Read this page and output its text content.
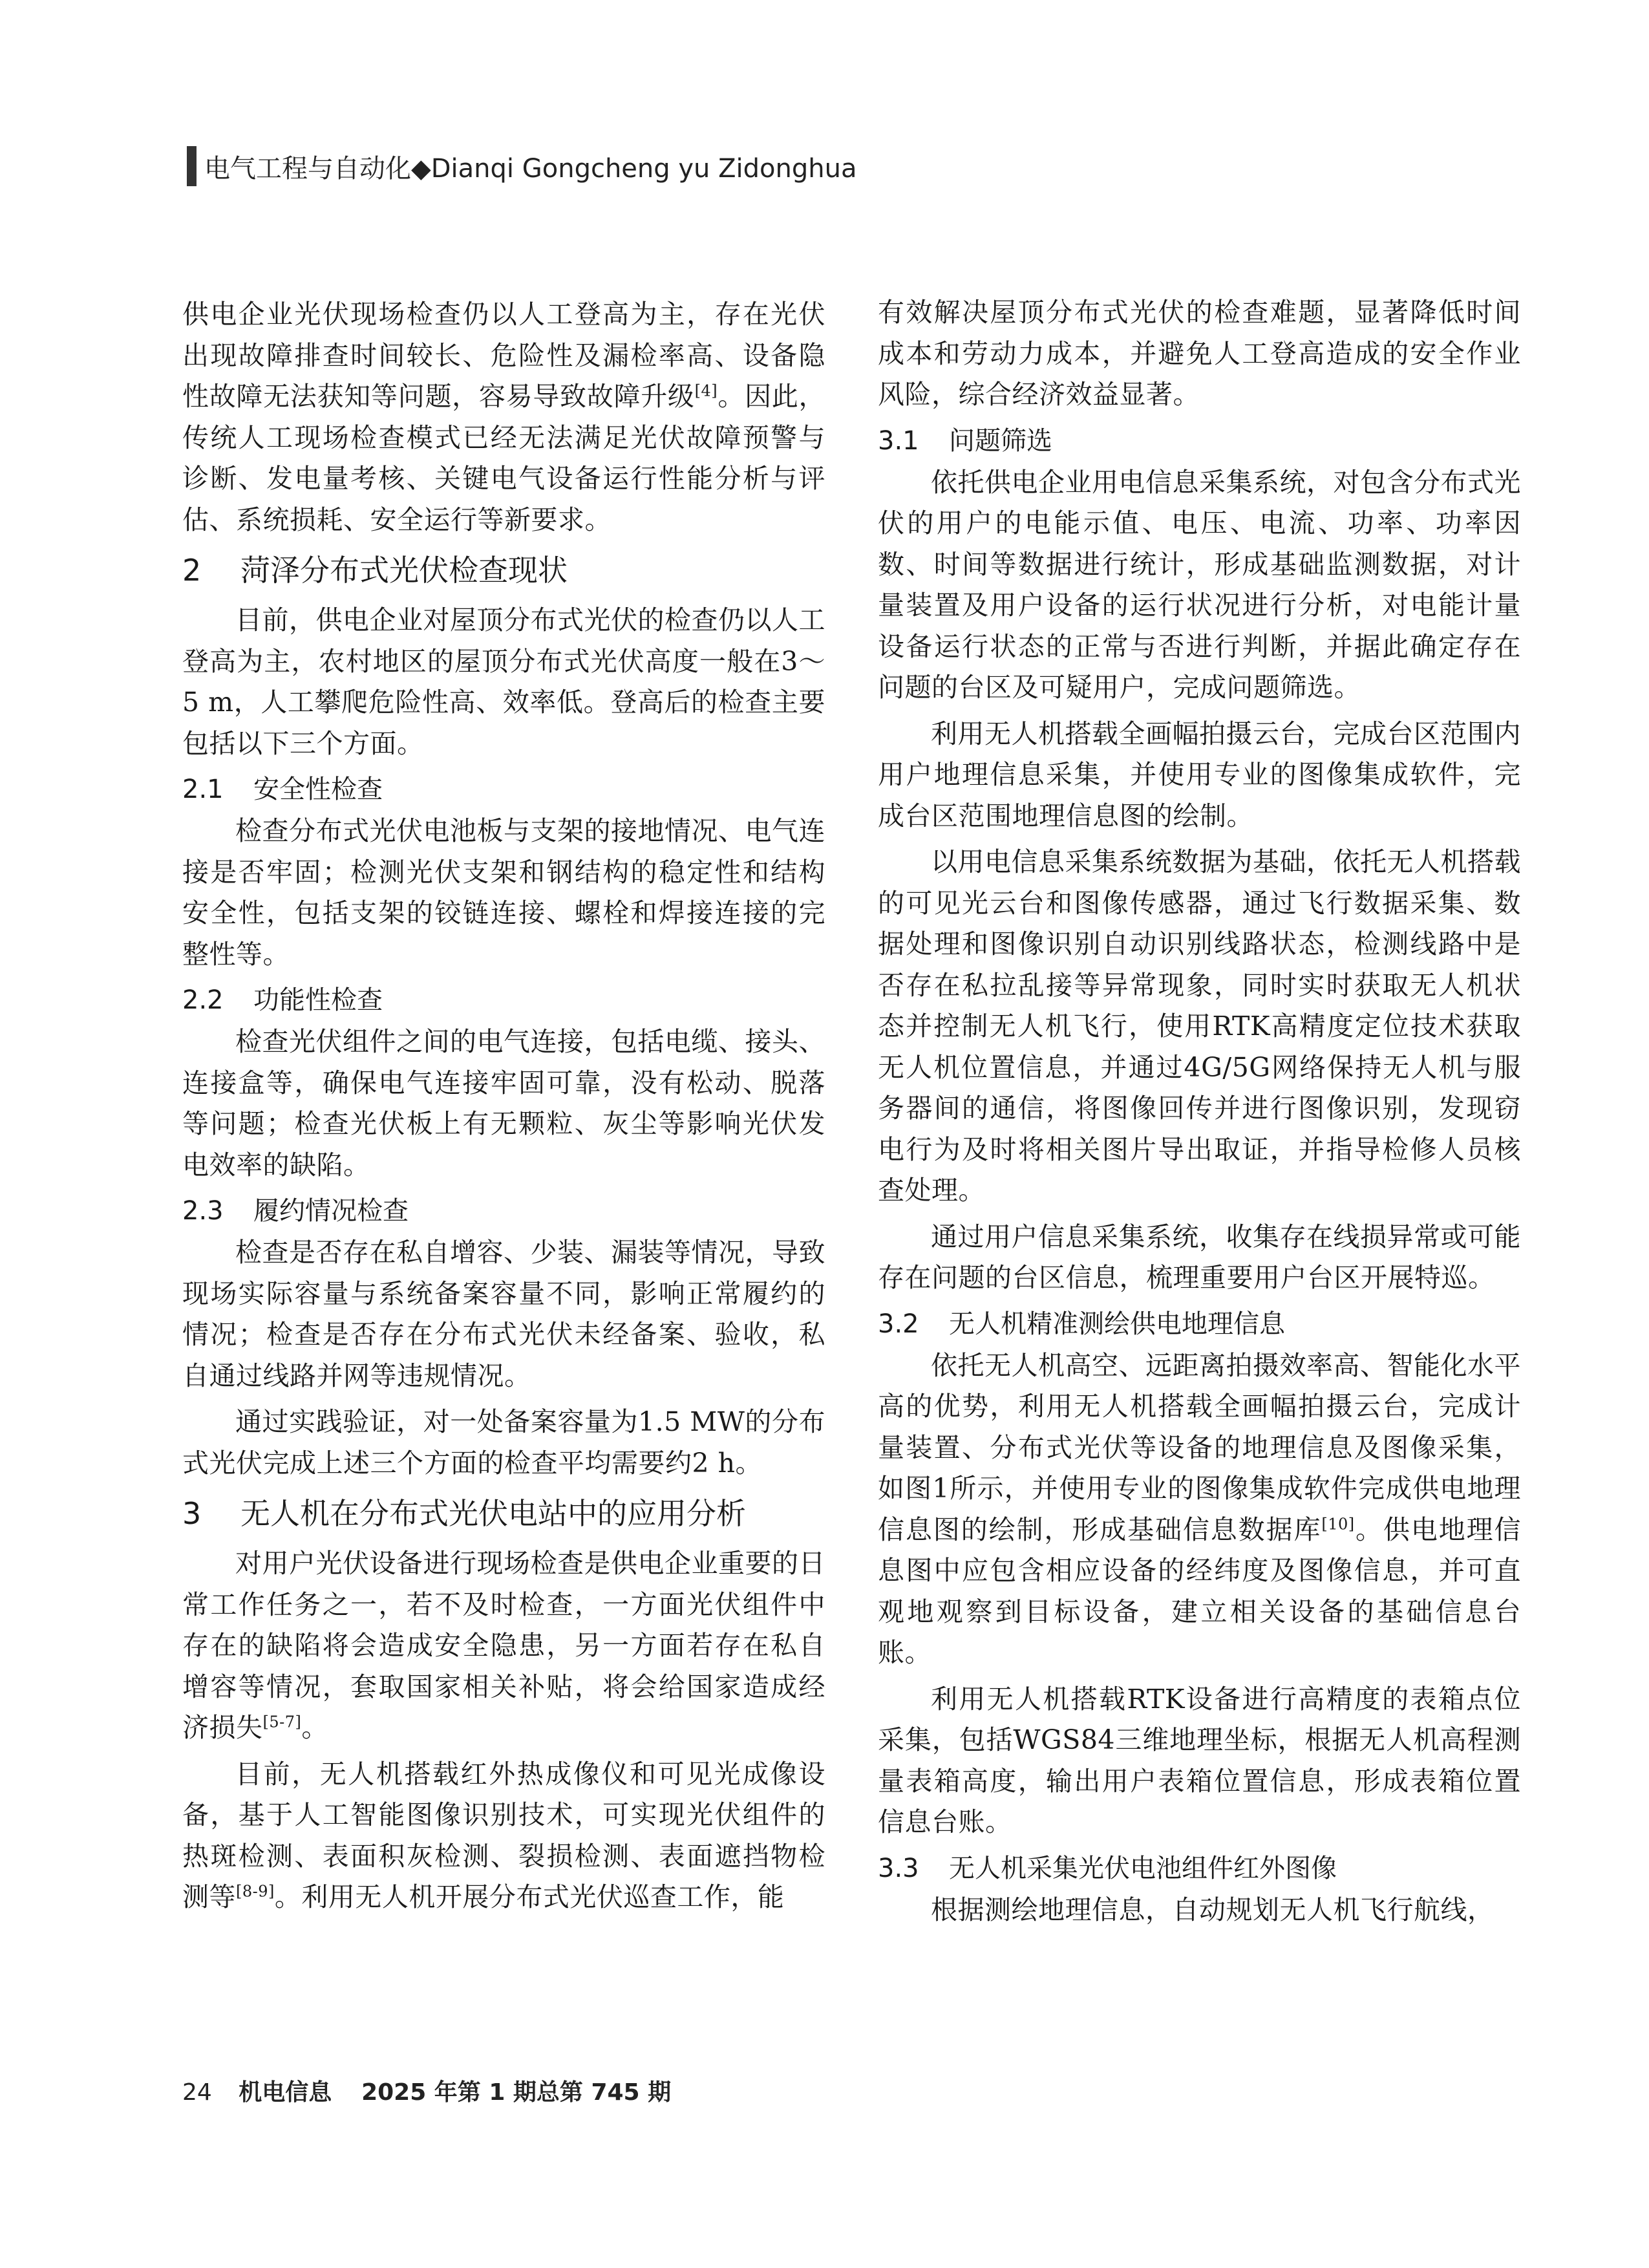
电气工程与自动化◆Dianqi Gongcheng yu Zidonghua

供电企业光伏现场检查仍以人工登高为主，存在光伏出现故障排查时间较长、危险性及漏检率高、设备隐性故障无法获知等问题，容易导致故障升级[4]。因此，传统人工现场检查模式已经无法满足光伏故障预警与诊断、发电量考核、关键电气设备运行性能分析与评估、系统损耗、安全运行等新要求。

2 菏泽分布式光伏检查现状

目前，供电企业对屋顶分布式光伏的检查仍以人工登高为主，农村地区的屋顶分布式光伏高度一般在3～5 m，人工攀爬危险性高、效率低。登高后的检查主要包括以下三个方面。

2.1 安全性检查

检查分布式光伏电池板与支架的接地情况、电气连接是否牢固；检测光伏支架和钢结构的稳定性和结构安全性，包括支架的铰链连接、螺栓和焊接连接的完整性等。

2.2 功能性检查

检查光伏组件之间的电气连接，包括电缆、接头、连接盒等，确保电气连接牢固可靠，没有松动、脱落等问题；检查光伏板上有无颗粒、灰尘等影响光伏发电效率的缺陷。

2.3 履约情况检查

检查是否存在私自增容、少装、漏装等情况，导致现场实际容量与系统备案容量不同，影响正常履约的情况；检查是否存在分布式光伏未经备案、验收，私自通过线路并网等违规情况。

通过实践验证，对一处备案容量为1.5 MW的分布式光伏完成上述三个方面的检查平均需要约2 h。

3 无人机在分布式光伏电站中的应用分析

对用户光伏设备进行现场检查是供电企业重要的日常工作任务之一，若不及时检查，一方面光伏组件中存在的缺陷将会造成安全隐患，另一方面若存在私自增容等情况，套取国家相关补贴，将会给国家造成经济损失[5-7]。

目前，无人机搭载红外热成像仪和可见光成像设备，基于人工智能图像识别技术，可实现光伏组件的热斑检测、表面积灰检测、裂损检测、表面遮挡物检测等[8-9]。利用无人机开展分布式光伏巡查工作，能

有效解决屋顶分布式光伏的检查难题，显著降低时间成本和劳动力成本，并避免人工登高造成的安全作业风险，综合经济效益显著。

3.1 问题筛选

依托供电企业用电信息采集系统，对包含分布式光伏的用户的电能示值、电压、电流、功率、功率因数、时间等数据进行统计，形成基础监测数据，对计量装置及用户设备的运行状况进行分析，对电能计量设备运行状态的正常与否进行判断，并据此确定存在问题的台区及可疑用户，完成问题筛选。

利用无人机搭载全画幅拍摄云台，完成台区范围内用户地理信息采集，并使用专业的图像集成软件，完成台区范围地理信息图的绘制。

以用电信息采集系统数据为基础，依托无人机搭载的可见光云台和图像传感器，通过飞行数据采集、数据处理和图像识别自动识别线路状态，检测线路中是否存在私拉乱接等异常现象，同时实时获取无人机状态并控制无人机飞行，使用RTK高精度定位技术获取无人机位置信息，并通过4G/5G网络保持无人机与服务器间的通信，将图像回传并进行图像识别，发现窃电行为及时将相关图片导出取证，并指导检修人员核查处理。

通过用户信息采集系统，收集存在线损异常或可能存在问题的台区信息，梳理重要用户台区开展特巡。

3.2 无人机精准测绘供电地理信息

依托无人机高空、远距离拍摄效率高、智能化水平高的优势，利用无人机搭载全画幅拍摄云台，完成计量装置、分布式光伏等设备的地理信息及图像采集，如图1所示，并使用专业的图像集成软件完成供电地理信息图的绘制，形成基础信息数据库[10]。供电地理信息图中应包含相应设备的经纬度及图像信息，并可直观地观察到目标设备，建立相关设备的基础信息台账。

利用无人机搭载RTK设备进行高精度的表箱点位采集，包括WGS84三维地理坐标，根据无人机高程测量表箱高度，输出用户表箱位置信息，形成表箱位置信息台账。

3.3 无人机采集光伏电池组件红外图像

根据测绘地理信息，自动规划无人机飞行航线，

24 机电信息 2025 年第 1 期总第 745 期
